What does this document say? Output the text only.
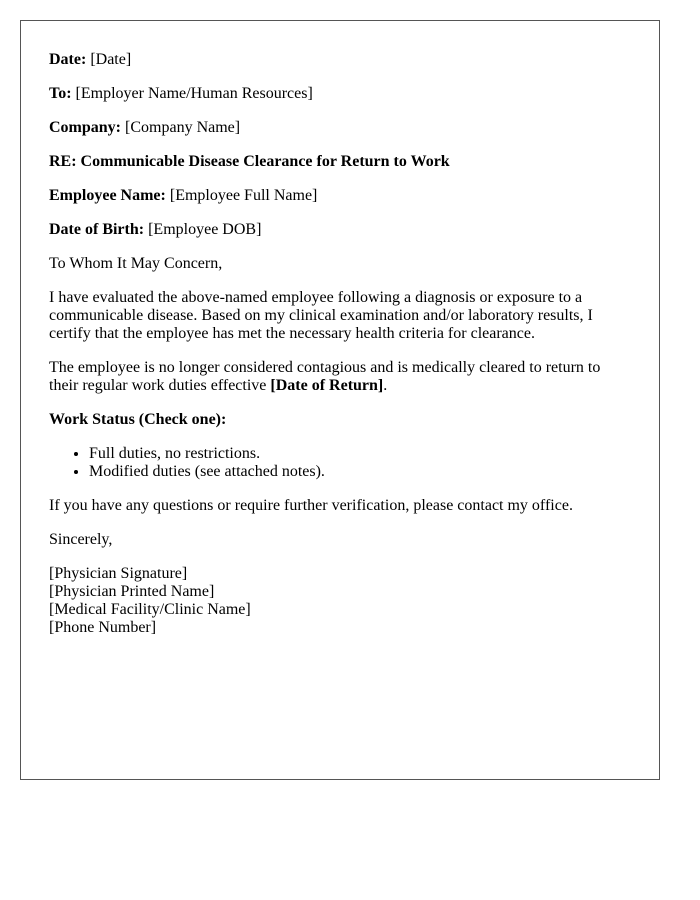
Date: [Date]
To: [Employer Name/Human Resources]
Company: [Company Name]
RE: Communicable Disease Clearance for Return to Work
Employee Name: [Employee Full Name]
Date of Birth: [Employee DOB]

To Whom It May Concern,

I have evaluated the above-named employee following a diagnosis or exposure to a communicable disease. Based on my clinical examination and/or laboratory results, I certify that the employee has met the necessary health criteria for clearance.

The employee is no longer considered contagious and is medically cleared to return to their regular work duties effective [Date of Return].

Work Status (Check one):
• Full duties, no restrictions.
• Modified duties (see attached notes).

If you have any questions or require further verification, please contact my office.

Sincerely,

[Physician Signature]
[Physician Printed Name]
[Medical Facility/Clinic Name]
[Phone Number]
